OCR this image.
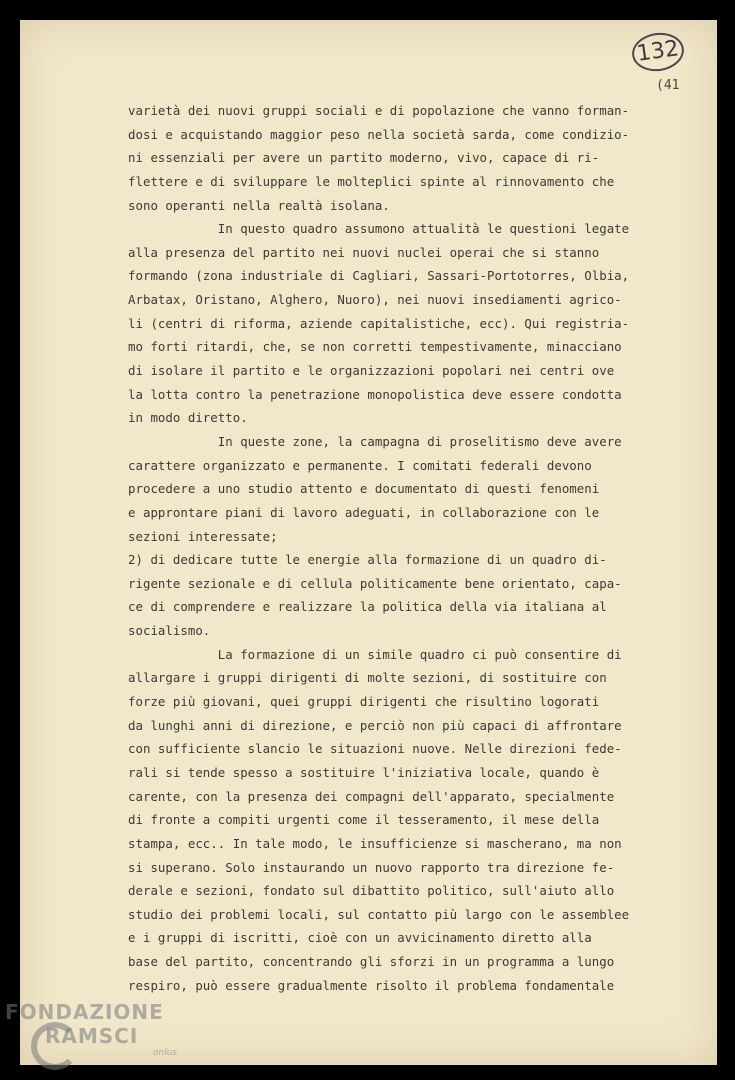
132
(41
varietà dei nuovi gruppi sociali e di popolazione che vanno forman-
dosi e acquistando maggior peso nella società sarda, come condizio-
ni essenziali per avere un partito moderno, vivo, capace di ri-
flettere e di sviluppare le molteplici spinte al rinnovamento che
sono operanti nella realtà isolana.
In questo quadro assumono attualità le questioni legate
alla presenza del partito nei nuovi nuclei operai che si stanno
formando (zona industriale di Cagliari, Sassari-Portotorres, Olbia,
Arbatax, Oristano, Alghero, Nuoro), nei nuovi insediamenti agrico-
li (centri di riforma, aziende capitalistiche, ecc). Qui registria-
mo forti ritardi, che, se non corretti tempestivamente, minacciano
di isolare il partito e le organizzazioni popolari nei centri ove
la lotta contro la penetrazione monopolistica deve essere condotta
in modo diretto.
In queste zone, la campagna di proselitismo deve avere
carattere organizzato e permanente. I comitati federali devono
procedere a uno studio attento e documentato di questi fenomeni
e approntare piani di lavoro adeguati, in collaborazione con le
sezioni interessate;
2) di dedicare tutte le energie alla formazione di un quadro di-
rigente sezionale e di cellula politicamente bene orientato, capa-
ce di comprendere e realizzare la politica della via italiana al
socialismo.
La formazione di un simile quadro ci può consentire di
allargare i gruppi dirigenti di molte sezioni, di sostituire con
forze più giovani, quei gruppi dirigenti che risultino logorati
da lunghi anni di direzione, e perciò non più capaci di affrontare
con sufficiente slancio le situazioni nuove. Nelle direzioni fede-
rali si tende spesso a sostituire l'iniziativa locale, quando è
carente, con la presenza dei compagni dell'apparato, specialmente
di fronte a compiti urgenti come il tesseramento, il mese della
stampa, ecc.. In tale modo, le insufficienze si mascherano, ma non
si superano. Solo instaurando un nuovo rapporto tra direzione fe-
derale e sezioni, fondato sul dibattito politico, sull'aiuto allo
studio dei problemi locali, sul contatto più largo con le assemblee
e i gruppi di iscritti, cioè con un avvicinamento diretto alla
base del partito, concentrando gli sforzi in un programma a lungo
respiro, può essere gradualmente risolto il problema fondamentale
FONDAZIONE
RAMSCI
onlus
